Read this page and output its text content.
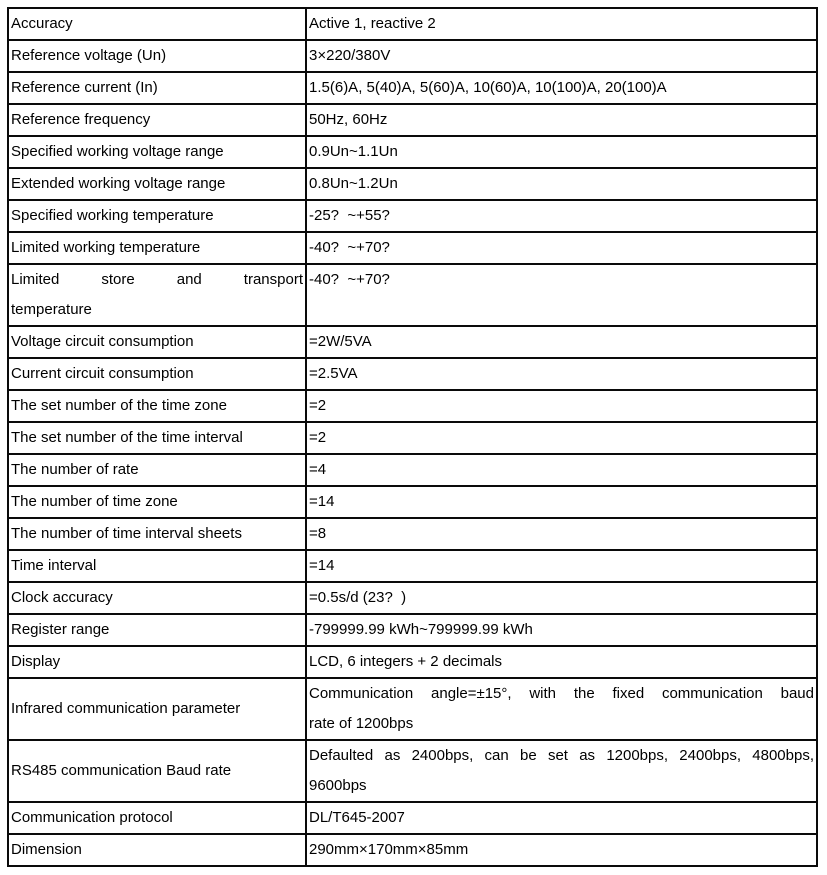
Accuracy	Active 1, reactive 2

Reference voltage (Un)	3×220/380V

Reference current (In)	1.5(6)A, 5(40)A, 5(60)A, 10(60)A, 10(100)A, 20(100)A

Reference frequency	50Hz, 60Hz

Specified working voltage range	0.9Un~1.1Un

Extended working voltage range	0.8Un~1.2Un

Specified working temperature	-25?  ~+55?

Limited working temperature	-40?  ~+70?

Limited store and transport
temperature	-40?  ~+70?

Voltage circuit consumption	=2W/5VA

Current circuit consumption	=2.5VA

The set number of the time zone	=2

The set number of the time interval	=2

The number of rate	=4

The number of time zone	=14

The number of time interval sheets	=8

Time interval	=14

Clock accuracy	=0.5s/d (23?  )

Register range	-799999.99 kWh~799999.99 kWh

Display	LCD, 6 integers + 2 decimals

Infrared communication parameter	Communication angle=±15°, with the fixed communication baud
rate of 1200bps

RS485 communication Baud rate	Defaulted as 2400bps, can be set as 1200bps, 2400bps, 4800bps,
9600bps

Communication protocol	DL/T645-2007

Dimension	290mm×170mm×85mm
